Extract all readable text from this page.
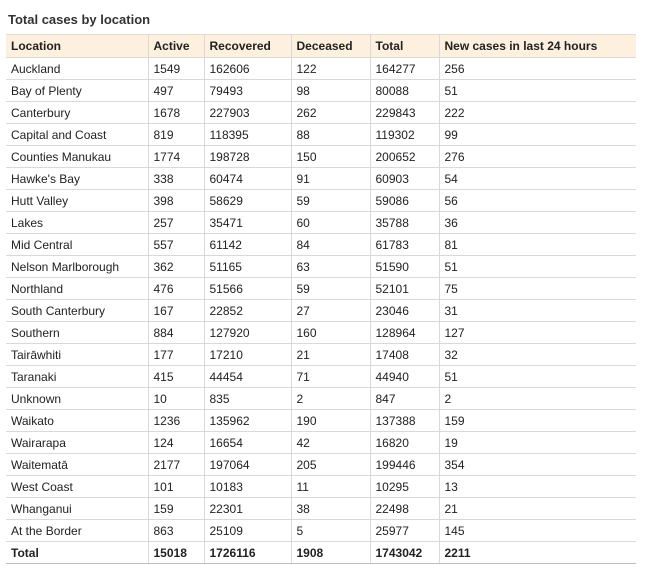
Total cases by location
Location	Active	Recovered	Deceased	Total	New cases in last 24 hours
Auckland	1549	162606	122	164277	256
Bay of Plenty	497	79493	98	80088	51
Canterbury	1678	227903	262	229843	222
Capital and Coast	819	118395	88	119302	99
Counties Manukau	1774	198728	150	200652	276
Hawke's Bay	338	60474	91	60903	54
Hutt Valley	398	58629	59	59086	56
Lakes	257	35471	60	35788	36
Mid Central	557	61142	84	61783	81
Nelson Marlborough	362	51165	63	51590	51
Northland	476	51566	59	52101	75
South Canterbury	167	22852	27	23046	31
Southern	884	127920	160	128964	127
Tairāwhiti	177	17210	21	17408	32
Taranaki	415	44454	71	44940	51
Unknown	10	835	2	847	2
Waikato	1236	135962	190	137388	159
Wairarapa	124	16654	42	16820	19
Waitematā	2177	197064	205	199446	354
West Coast	101	10183	11	10295	13
Whanganui	159	22301	38	22498	21
At the Border	863	25109	5	25977	145
Total	15018	1726116	1908	1743042	2211
